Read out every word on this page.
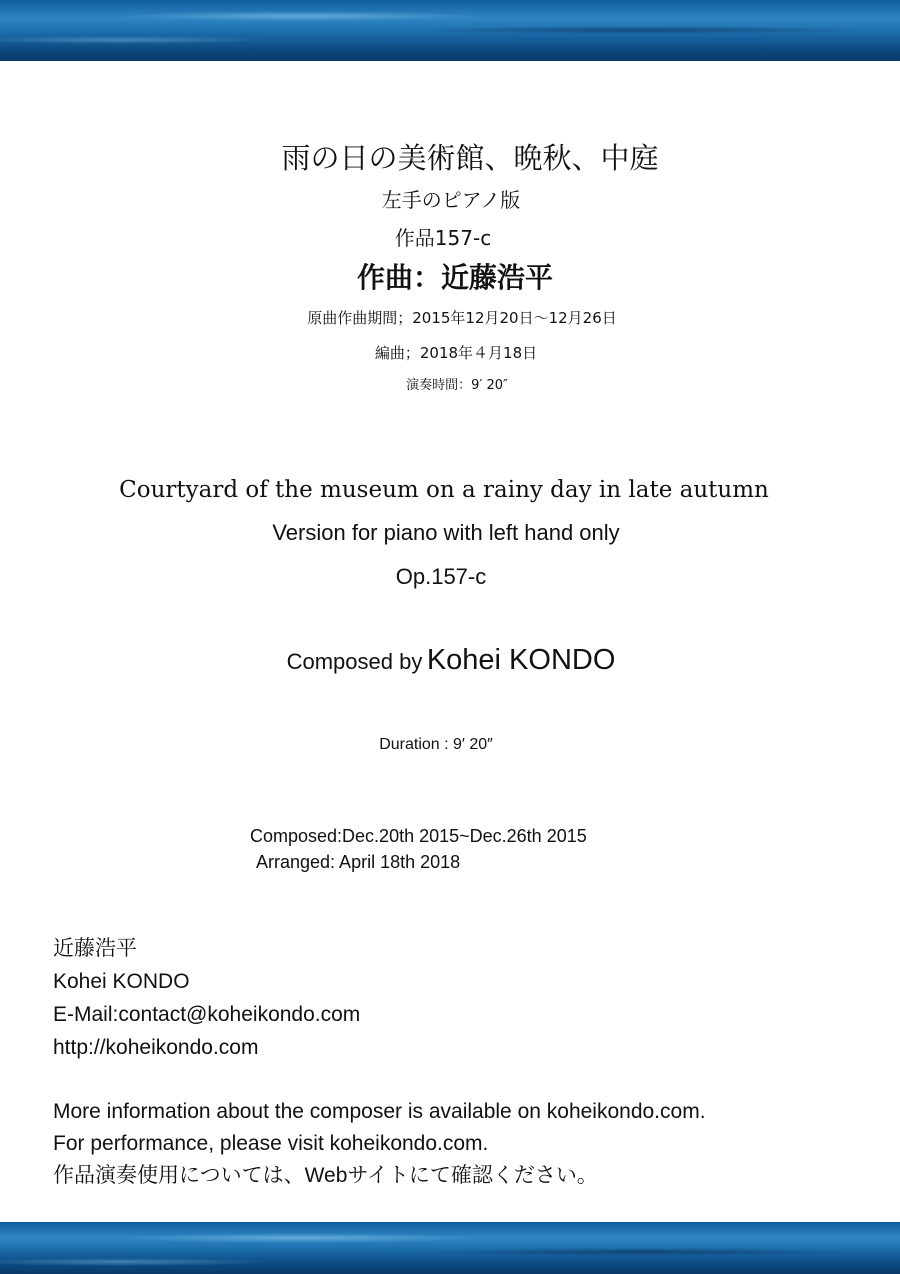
雨の日の美術館、晩秋、中庭
左手のピアノ版
作品157-c
作曲：近藤浩平
原曲作曲期間；2015年12月20日〜12月26日
編曲；2018年４月18日
演奏時間：9′ 20″
Courtyard of the museum on a rainy day in late autumn
Version for piano with left hand only
Op.157-c
Composed by Kohei KONDO
Duration : 9′ 20″
Composed:Dec.20th 2015~Dec.26th 2015
Arranged: April 18th 2018
近藤浩平
Kohei KONDO
E-Mail:contact@koheikondo.com
http://koheikondo.com
More information about the composer is available on koheikondo.com.
For performance, please visit koheikondo.com.
作品演奏使用については、Webサイトにて確認ください。
